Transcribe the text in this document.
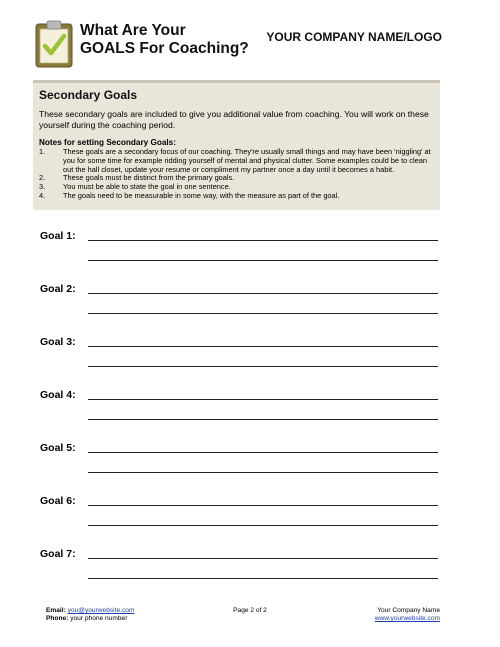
What Are Your
GOALS For Coaching?
YOUR COMPANY NAME/LOGO
Secondary Goals

These secondary goals are included to give you additional value from coaching. You will work on these yourself during the coaching period.

Notes for setting Secondary Goals:

1.	These goals are a secondary focus of our coaching. They're usually small things and may have been 'niggling' at you for some time for example ridding yourself of mental and physical clutter. Some examples could be to clean out the hall closet, update your resume or compliment my partner once a day until it becomes a habit.
2.	These goals must be distinct from the primary goals.
3.	You must be able to state the goal in one sentence.
4.	The goals need to be measurable in some way, with the measure as part of the goal.
Goal 1:
Goal 2:
Goal 3:
Goal 4:
Goal 5:
Goal 6:
Goal 7:
Email: you@yourwebsite.com
Phone: your phone number
Page 2 of 2	Your Company Name
www.yourwebsite.com
